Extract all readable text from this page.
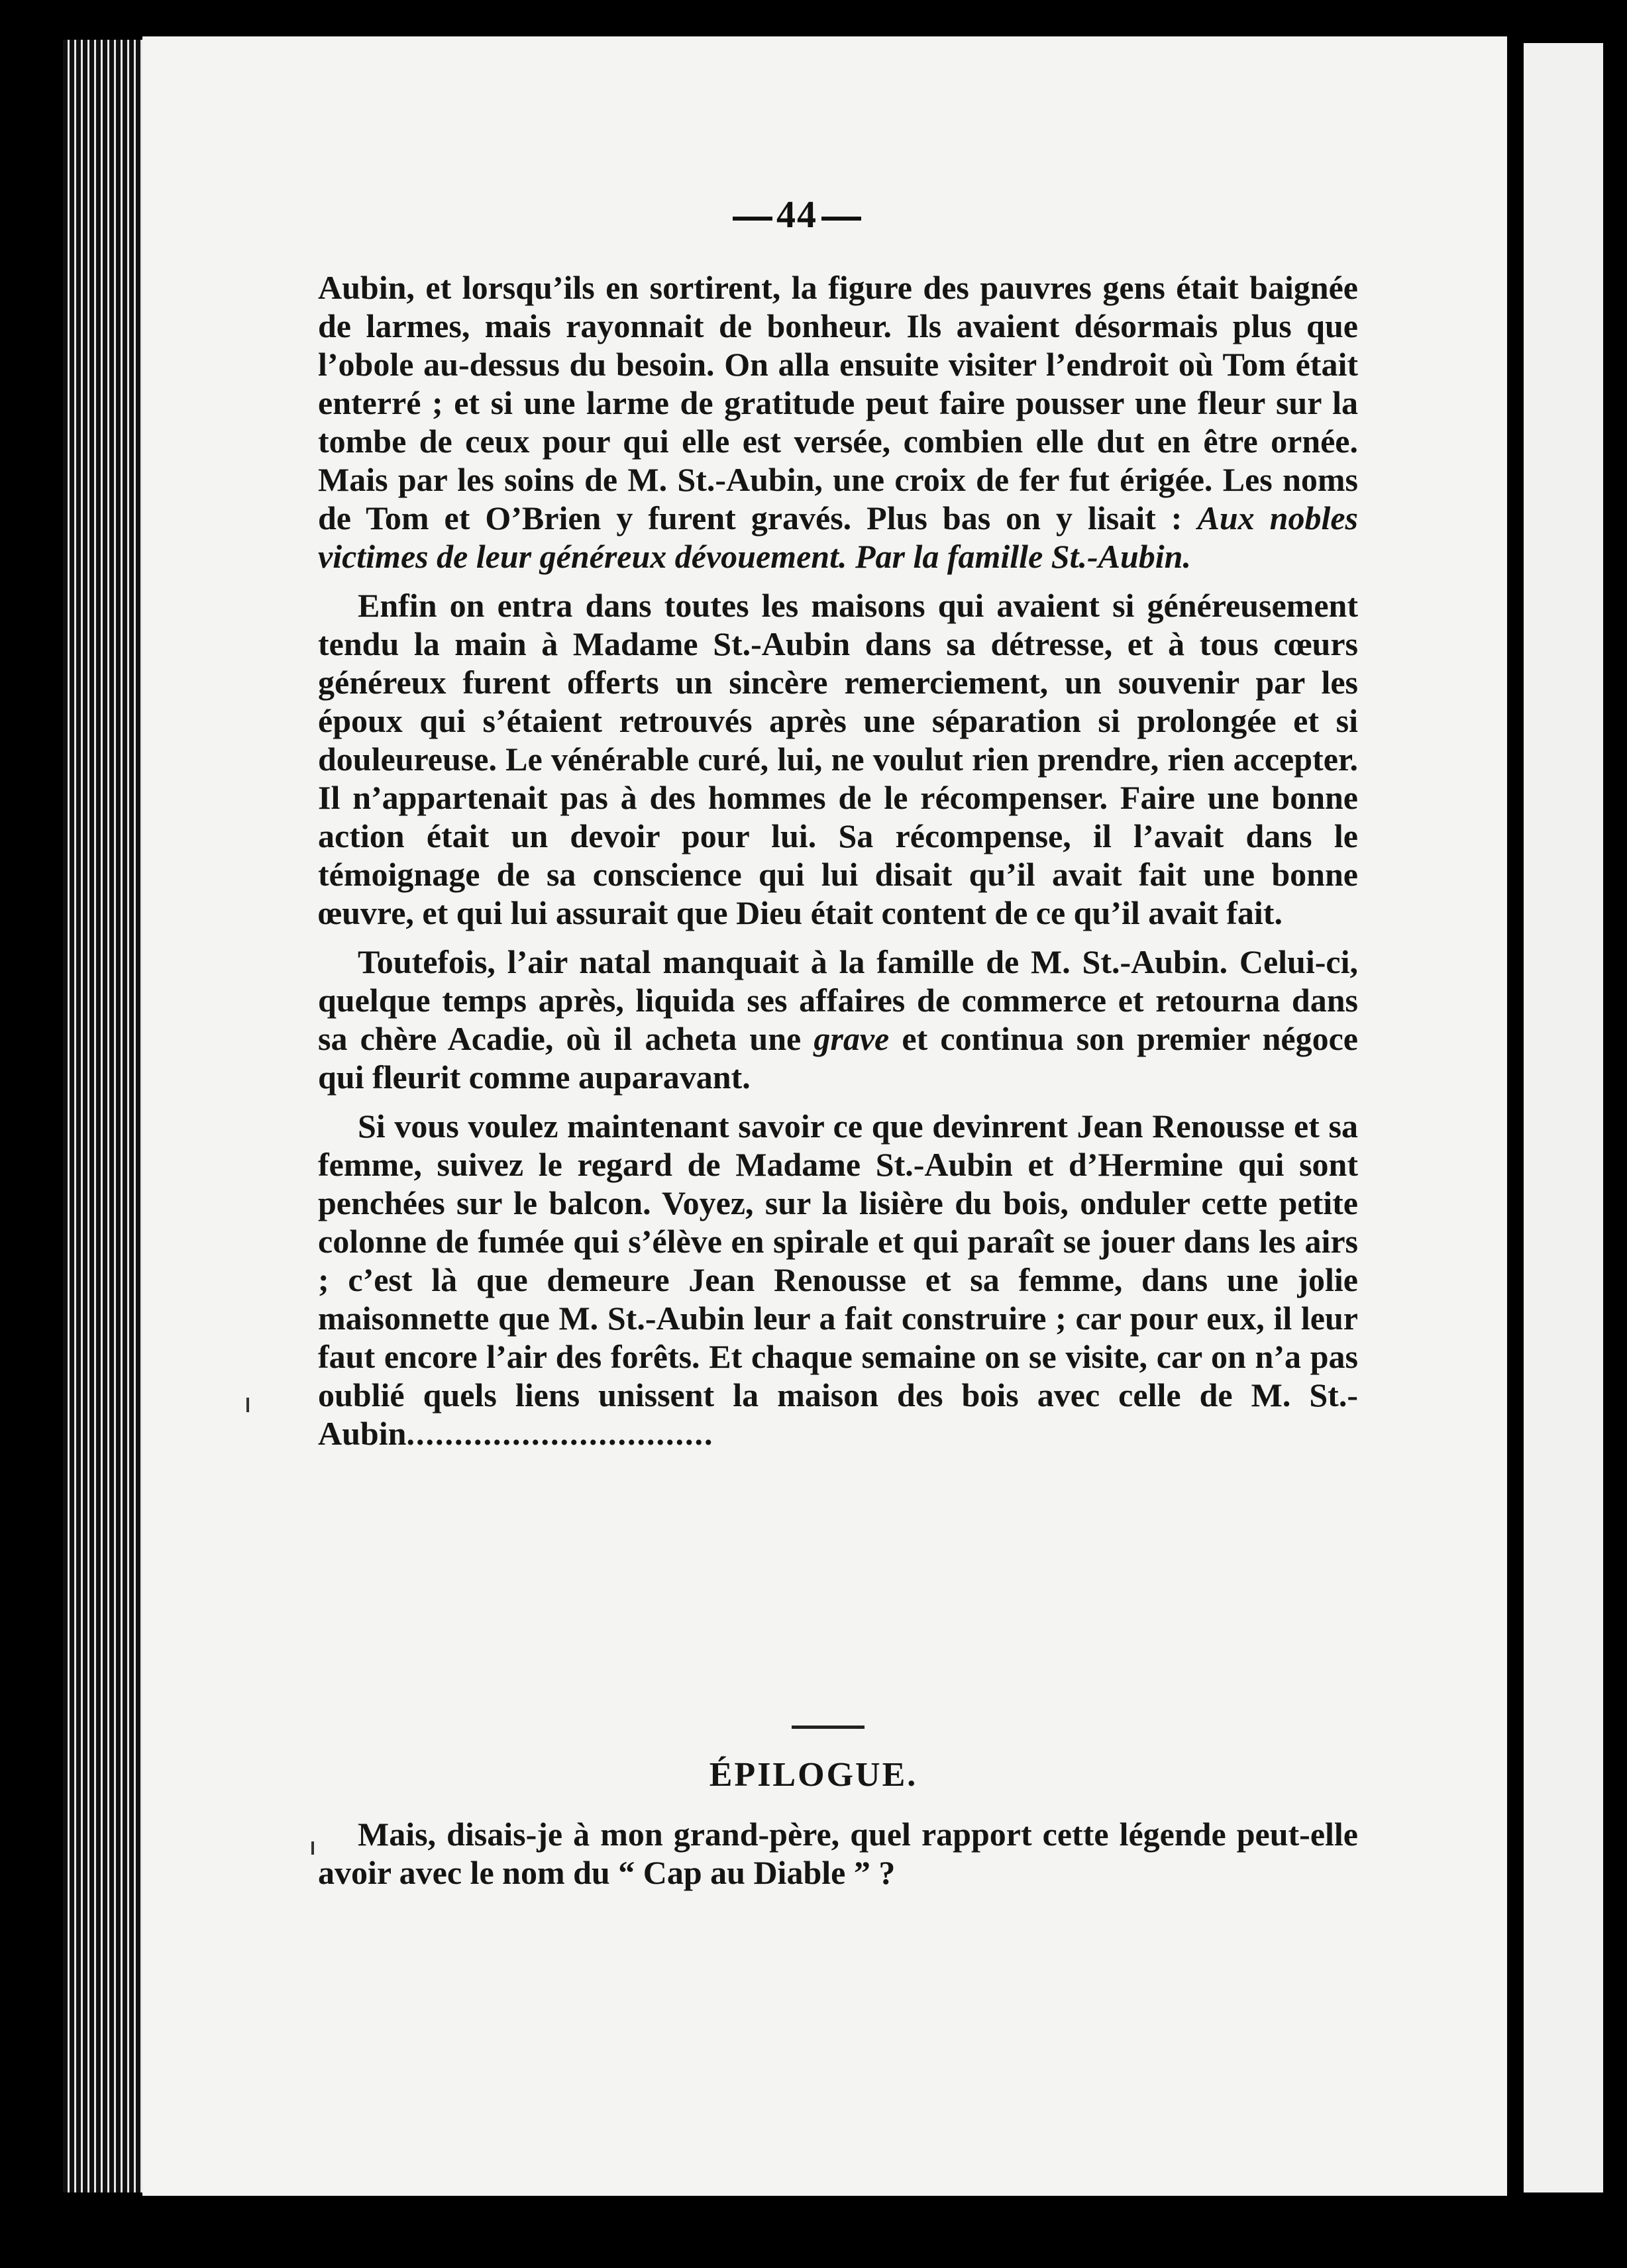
44

Aubin, et lorsqu’ils en sortirent, la figure des pauvres gens était baignée de larmes, mais rayonnait de bonheur. Ils avaient désormais plus que l’obole au-dessus du besoin. On alla ensuite visiter l’endroit où Tom était enterré ; et si une larme de gratitude peut faire pousser une fleur sur la tombe de ceux pour qui elle est versée, combien elle dut en être ornée. Mais par les soins de M. St.-Aubin, une croix de fer fut érigée. Les noms de Tom et O’Brien y furent gravés. Plus bas on y lisait : Aux nobles victimes de leur généreux dévouement. Par la famille St.-Aubin.

Enfin on entra dans toutes les maisons qui avaient si généreusement tendu la main à Madame St.-Aubin dans sa détresse, et à tous cœurs généreux furent offerts un sincère remerciement, un souvenir par les époux qui s’étaient retrouvés après une séparation si prolongée et si douleureuse. Le vénérable curé, lui, ne voulut rien prendre, rien accepter. Il n’appartenait pas à des hommes de le récompenser. Faire une bonne action était un devoir pour lui. Sa récompense, il l’avait dans le témoignage de sa conscience qui lui disait qu’il avait fait une bonne œuvre, et qui lui assurait que Dieu était content de ce qu’il avait fait.

Toutefois, l’air natal manquait à la famille de M. St.-Aubin. Celui-ci, quelque temps après, liquida ses affaires de commerce et retourna dans sa chère Acadie, où il acheta une grave et continua son premier négoce qui fleurit comme auparavant.

Si vous voulez maintenant savoir ce que devinrent Jean Renousse et sa femme, suivez le regard de Madame St.-Aubin et d’Hermine qui sont penchées sur le balcon. Voyez, sur la lisière du bois, onduler cette petite colonne de fumée qui s’élève en spirale et qui paraît se jouer dans les airs ; c’est là que demeure Jean Renousse et sa femme, dans une jolie maisonnette que M. St.-Aubin leur a fait construire ; car pour eux, il leur faut encore l’air des forêts. Et chaque semaine on se visite, car on n’a pas oublié quels liens unissent la maison des bois avec celle de M. St.-Aubin................................

ÉPILOGUE.
Mais, disais-je à mon grand-père, quel rapport cette légende peut-elle avoir avec le nom du “ Cap au Diable ” ?
